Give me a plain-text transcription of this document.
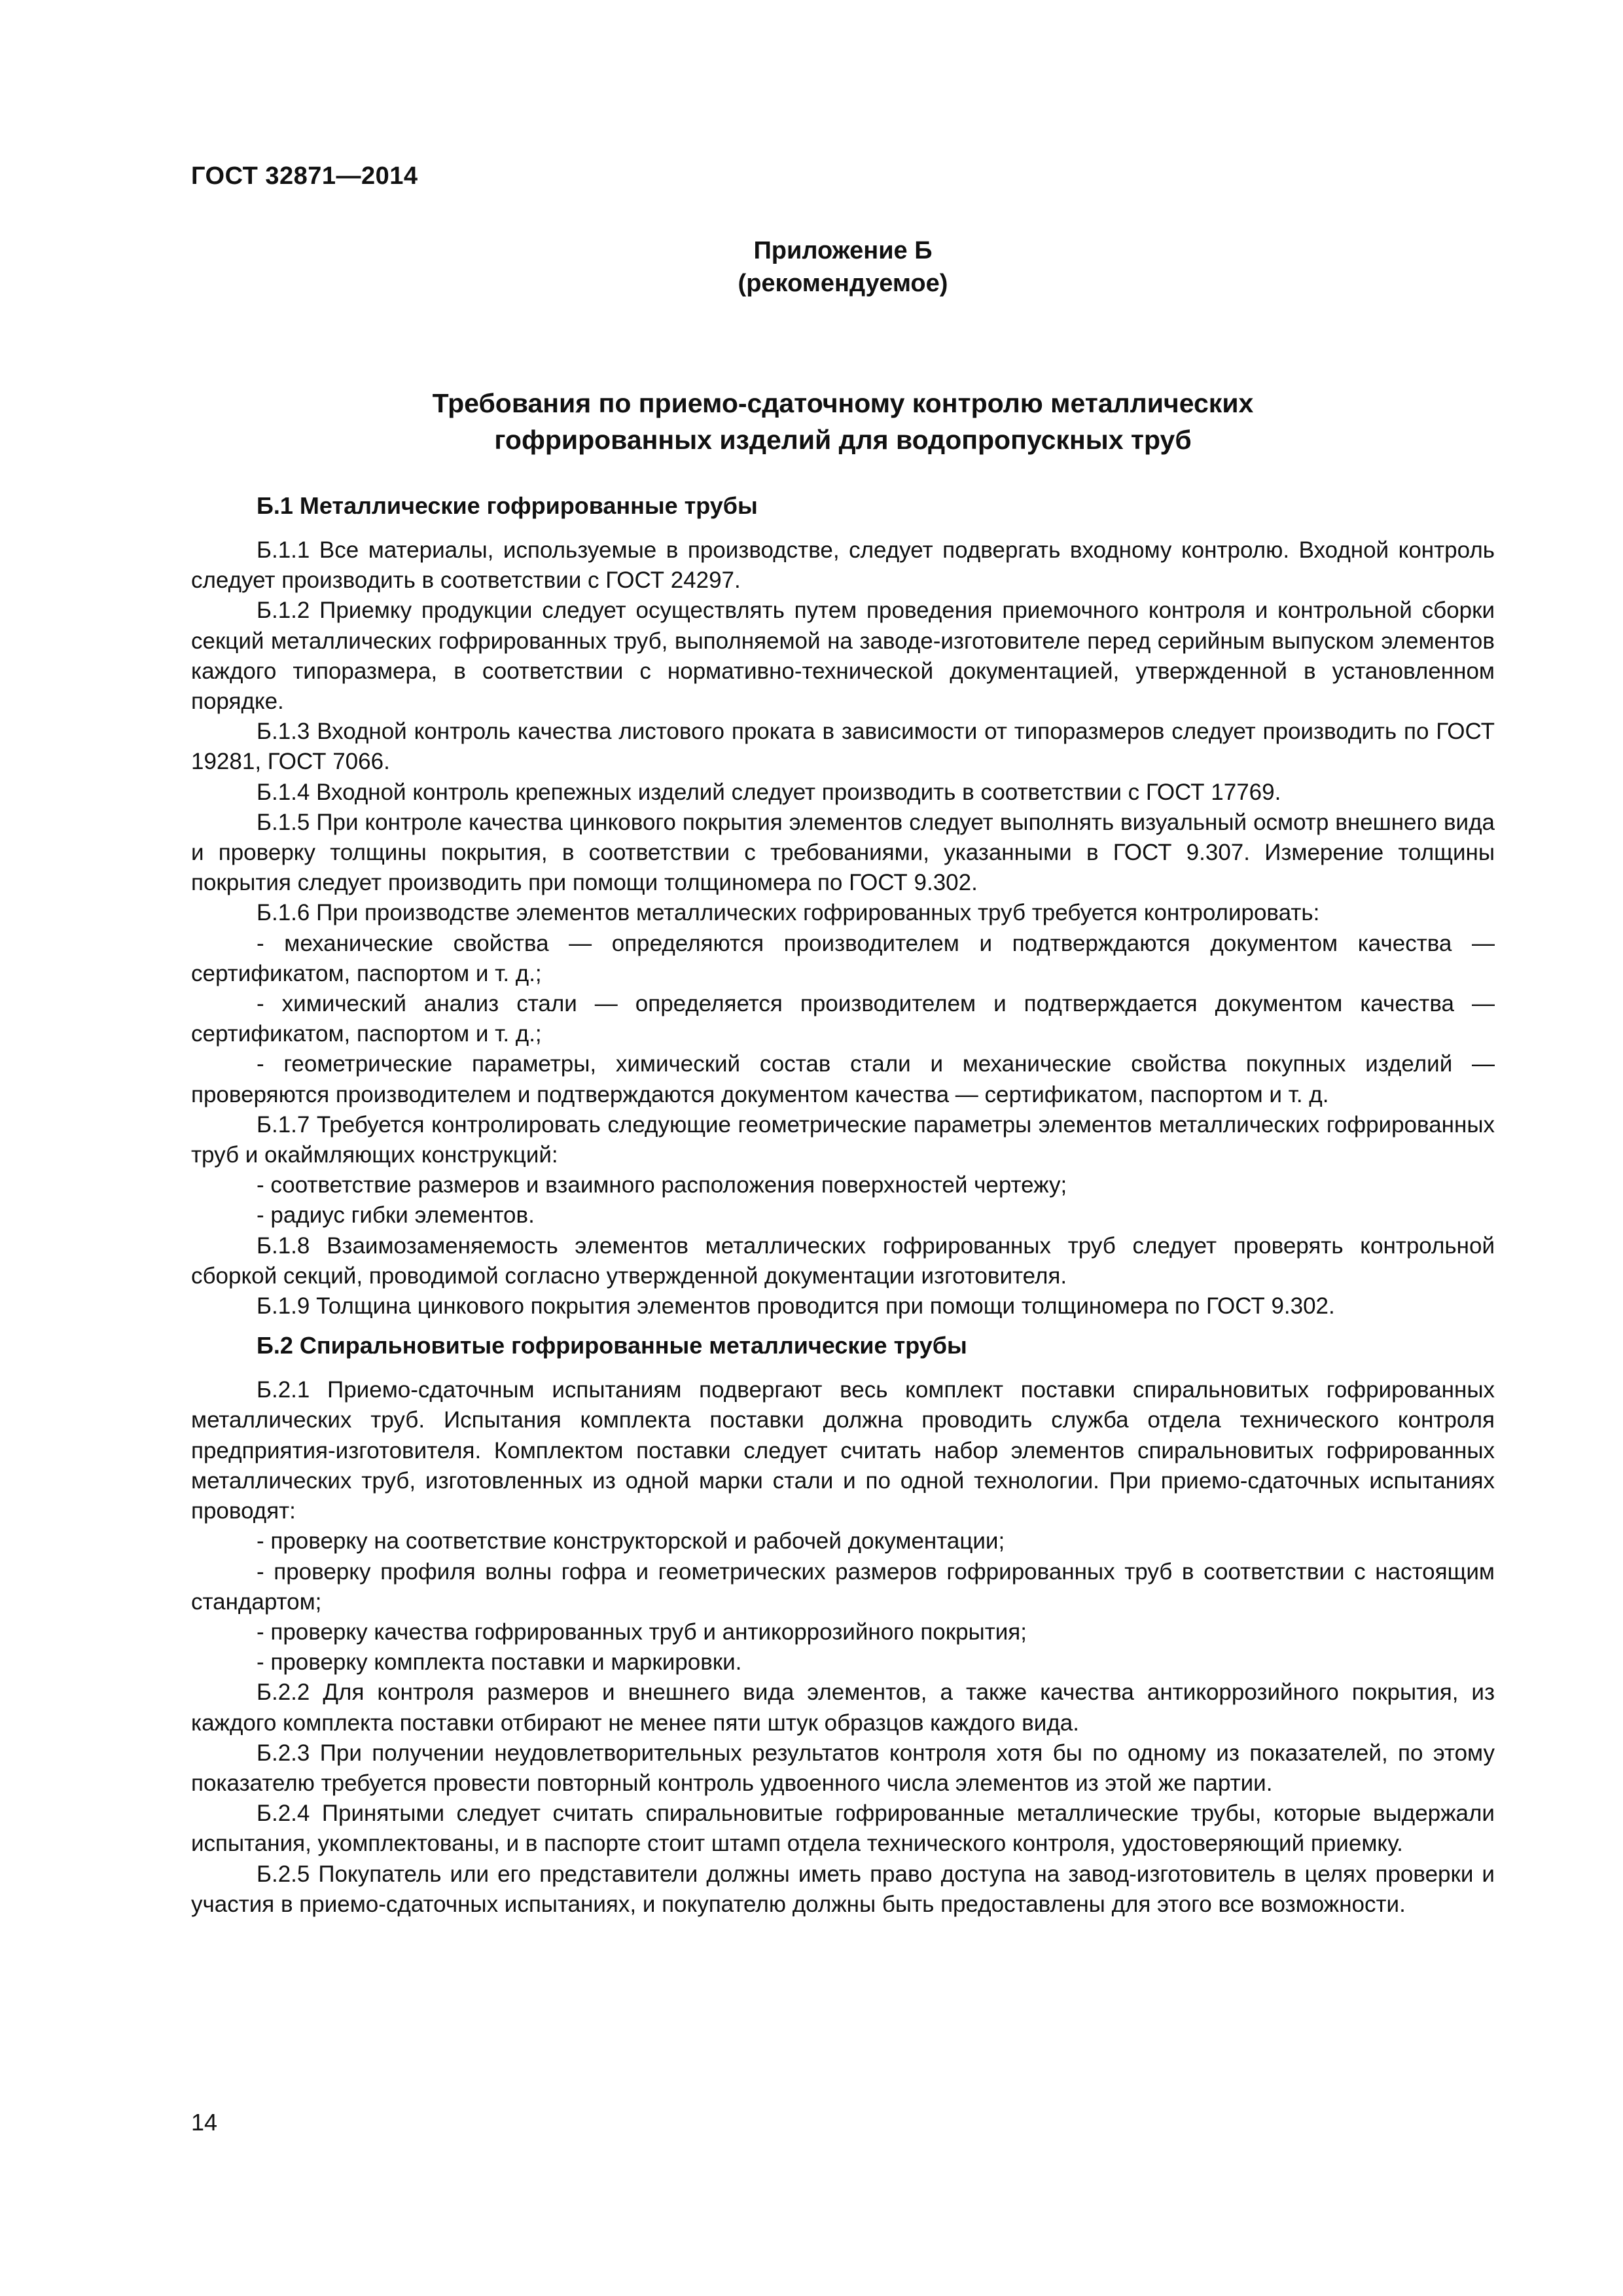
ГОСТ 32871—2014
Приложение Б
(рекомендуемое)
Требования по приемо-сдаточному контролю металлических
гофрированных изделий для водопропускных труб
Б.1 Металлические гофрированные трубы

Б.1.1 Все материалы, используемые в производстве, следует подвергать входному контролю. Входной контроль следует производить в соответствии с ГОСТ 24297.

Б.1.2 Приемку продукции следует осуществлять путем проведения приемочного контроля и контрольной сборки секций металлических гофрированных труб, выполняемой на заводе-изготовителе перед серийным выпуском элементов каждого типоразмера, в соответствии с нормативно-технической документацией, утвержденной в установленном порядке.

Б.1.3 Входной контроль качества листового проката в зависимости от типоразмеров следует производить по ГОСТ 19281, ГОСТ 7066.

Б.1.4 Входной контроль крепежных изделий следует производить в соответствии с ГОСТ 17769.

Б.1.5 При контроле качества цинкового покрытия элементов следует выполнять визуальный осмотр внешнего вида и проверку толщины покрытия, в соответствии с требованиями, указанными в ГОСТ 9.307. Измерение толщины покрытия следует производить при помощи толщиномера по ГОСТ 9.302.

Б.1.6 При производстве элементов металлических гофрированных труб требуется контролировать:

- механические свойства — определяются производителем и подтверждаются документом качества — сертификатом, паспортом и т. д.;

- химический анализ стали — определяется производителем и подтверждается документом качества — сертификатом, паспортом и т. д.;

- геометрические параметры, химический состав стали и механические свойства покупных изделий — проверяются производителем и подтверждаются документом качества — сертификатом, паспортом и т. д.

Б.1.7 Требуется контролировать следующие геометрические параметры элементов металлических гофрированных труб и окаймляющих конструкций:

- соответствие размеров и взаимного расположения поверхностей чертежу;

- радиус гибки элементов.

Б.1.8 Взаимозаменяемость элементов металлических гофрированных труб следует проверять контрольной сборкой секций, проводимой согласно утвержденной документации изготовителя.

Б.1.9 Толщина цинкового покрытия элементов проводится при помощи толщиномера по ГОСТ 9.302.

Б.2 Спиральновитые гофрированные металлические трубы

Б.2.1 Приемо-сдаточным испытаниям подвергают весь комплект поставки спиральновитых гофрированных металлических труб. Испытания комплекта поставки должна проводить служба отдела технического контроля предприятия-изготовителя. Комплектом поставки следует считать набор элементов спиральновитых гофрированных металлических труб, изготовленных из одной марки стали и по одной технологии. При приемо-сдаточных испытаниях проводят:

- проверку на соответствие конструкторской и рабочей документации;

- проверку профиля волны гофра и геометрических размеров гофрированных труб в соответствии с настоящим стандартом;

- проверку качества гофрированных труб и антикоррозийного покрытия;

- проверку комплекта поставки и маркировки.

Б.2.2 Для контроля размеров и внешнего вида элементов, а также качества антикоррозийного покрытия, из каждого комплекта поставки отбирают не менее пяти штук образцов каждого вида.

Б.2.3 При получении неудовлетворительных результатов контроля хотя бы по одному из показателей, по этому показателю требуется провести повторный контроль удвоенного числа элементов из этой же партии.

Б.2.4 Принятыми следует считать спиральновитые гофрированные металлические трубы, которые выдержали испытания, укомплектованы, и в паспорте стоит штамп отдела технического контроля, удостоверяющий приемку.

Б.2.5 Покупатель или его представители должны иметь право доступа на завод-изготовитель в целях проверки и участия в приемо-сдаточных испытаниях, и покупателю должны быть предоставлены для этого все возможности.

14
